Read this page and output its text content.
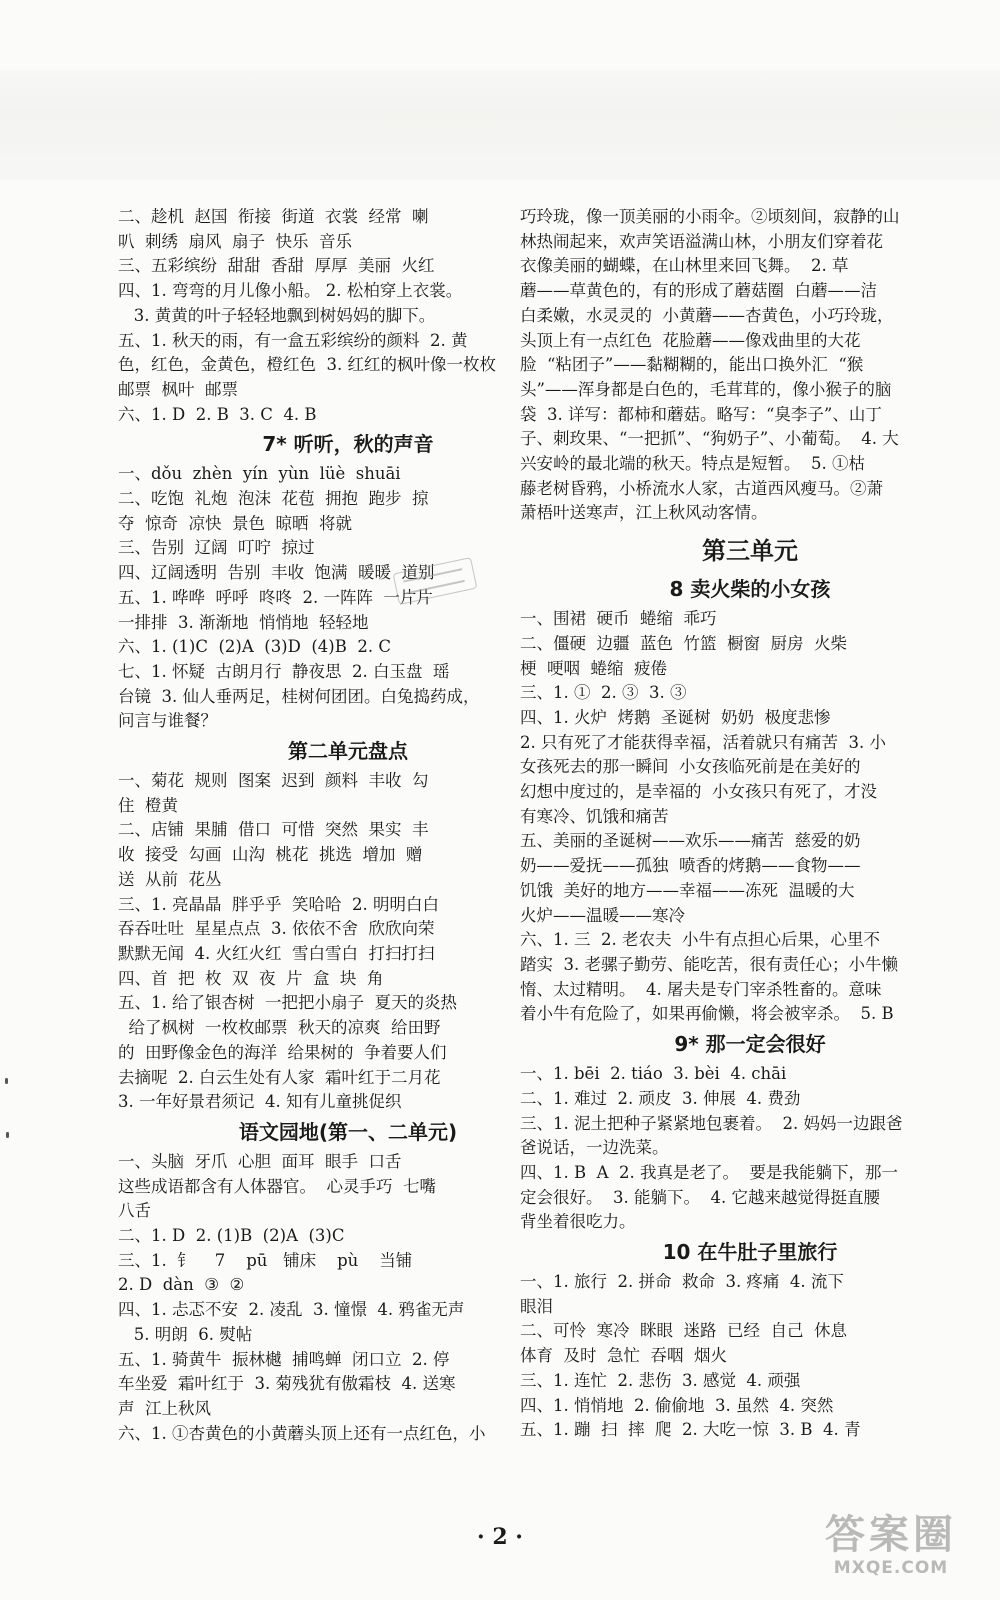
二、趁机  赵国  衔接  街道  衣裳  经常  喇

叭  刺绣  扇风  扇子  快乐  音乐

三、五彩缤纷  甜甜  香甜  厚厚  美丽  火红

四、1. 弯弯的月儿像小船。 2. 松柏穿上衣裳。

3. 黄黄的叶子轻轻地飘到树妈妈的脚下。

五、1. 秋天的雨，有一盒五彩缤纷的颜料  2. 黄

色，红色，金黄色，橙红色  3. 红红的枫叶像一枚枚

邮票  枫叶  邮票

六、1. D  2. B  3. C  4. B

7* 听听，秋的声音

一、dǒu  zhèn  yín  yùn  lüè  shuāi

二、吃饱  礼炮  泡沫  花苞  拥抱  跑步  掠

夺  惊奇  凉快  景色  晾晒  将就

三、告别  辽阔  叮咛  掠过

四、辽阔透明  告别  丰收  饱满  暖暖  道别

五、1. 哗哗  呼呼  咚咚  2. 一阵阵  一片片

一排排  3. 渐渐地  悄悄地  轻轻地

六、1. (1)C  (2)A  (3)D  (4)B  2. C

七、1. 怀疑  古朗月行  静夜思  2. 白玉盘  瑶

台镜  3. 仙人垂两足，桂树何团团。白兔捣药成，

问言与谁餐？

第二单元盘点

一、菊花  规则  图案  迟到  颜料  丰收  勾

住  橙黄

二、店铺  果脯  借口  可惜  突然  果实  丰

收  接受  勾画  山沟  桃花  挑选  增加  赠

送  从前  花丛

三、1. 亮晶晶  胖乎乎  笑哈哈  2. 明明白白

吞吞吐吐  星星点点  3. 依依不舍  欣欣向荣

默默无闻  4. 火红火红  雪白雪白  打扫打扫

四、首  把  枚  双  夜  片  盒  块  角

五、1. 给了银杏树  一把把小扇子  夏天的炎热

给了枫树  一枚枚邮票  秋天的凉爽  给田野

的  田野像金色的海洋  给果树的  争着要人们

去摘呢  2. 白云生处有人家  霜叶红于二月花

3. 一年好景君须记  4. 知有儿童挑促织

语文园地(第一、二单元)

一、头脑  牙爪  心胆  面耳  眼手  口舌

这些成语都含有人体器官。  心灵手巧  七嘴

八舌

二、1. D  2. (1)B  (2)A  (3)C

三、1.  钅    7    pū   铺床    pù    当铺

2. D  dàn  ③  ②

四、1. 忐忑不安  2. 凌乱  3. 憧憬  4. 鸦雀无声

5. 明朗  6. 熨帖

五、1. 骑黄牛  振林樾  捕鸣蝉  闭口立  2. 停

车坐爱  霜叶红于  3. 菊残犹有傲霜枝  4. 送寒

声  江上秋风

六、1. ①杏黄色的小黄蘑头顶上还有一点红色，小

巧玲珑，像一顶美丽的小雨伞。②顷刻间，寂静的山

林热闹起来，欢声笑语溢满山林，小朋友们穿着花

衣像美丽的蝴蝶，在山林里来回飞舞。  2. 草

蘑——草黄色的，有的形成了蘑菇圈  白蘑——洁

白柔嫩，水灵灵的  小黄蘑——杏黄色，小巧玲珑，

头顶上有一点红色  花脸蘑——像戏曲里的大花

脸  “粘团子”——黏糊糊的，能出口换外汇  “猴

头”——浑身都是白色的，毛茸茸的，像小猴子的脑

袋  3. 详写：都柿和蘑菇。略写：“臭李子”、山丁

子、刺玫果、“一把抓”、“狗奶子”、小葡萄。  4. 大

兴安岭的最北端的秋天。特点是短暂。  5. ①枯

藤老树昏鸦，小桥流水人家，古道西风瘦马。②萧

萧梧叶送寒声，江上秋风动客情。

第三单元
8 卖火柴的小女孩

一、围裙  硬币  蜷缩  乖巧

二、僵硬  边疆  蓝色  竹篮  橱窗  厨房  火柴

梗  哽咽  蜷缩  疲倦

三、1. ①  2. ③  3. ③

四、1. 火炉  烤鹅  圣诞树  奶奶  极度悲惨

2. 只有死了才能获得幸福，活着就只有痛苦  3. 小

女孩死去的那一瞬间  小女孩临死前是在美好的

幻想中度过的，是幸福的  小女孩只有死了，才没

有寒冷、饥饿和痛苦

五、美丽的圣诞树——欢乐——痛苦  慈爱的奶

奶——爱抚——孤独  喷香的烤鹅——食物——

饥饿  美好的地方——幸福——冻死  温暖的大

火炉——温暖——寒冷

六、1. 三  2. 老农夫  小牛有点担心后果，心里不

踏实  3. 老骡子勤劳、能吃苦，很有责任心；小牛懒

惰、太过精明。  4. 屠夫是专门宰杀牲畜的。意味

着小牛有危险了，如果再偷懒，将会被宰杀。  5. B

9* 那一定会很好

一、1. bēi  2. tiáo  3. bèi  4. chāi

二、1. 难过  2. 顽皮  3. 伸展  4. 费劲

三、1. 泥土把种子紧紧地包裹着。  2. 妈妈一边跟爸

爸说话，一边洗菜。

四、1. B  A  2. 我真是老了。  要是我能躺下，那一

定会很好。  3. 能躺下。  4. 它越来越觉得挺直腰

背坐着很吃力。

10 在牛肚子里旅行

一、1. 旅行  2. 拼命  救命  3. 疼痛  4. 流下

眼泪

二、可怜  寒冷  眯眼  迷路  已经  自己  休息

体育  及时  急忙  吞咽  烟火

三、1. 连忙  2. 悲伤  3. 感觉  4. 顽强

四、1. 悄悄地  2. 偷偷地  3. 虽然  4. 突然

五、1. 蹦  扫  摔  爬  2. 大吃一惊  3. B  4. 青

· 2 ·	答案圈
MXQE.COM
